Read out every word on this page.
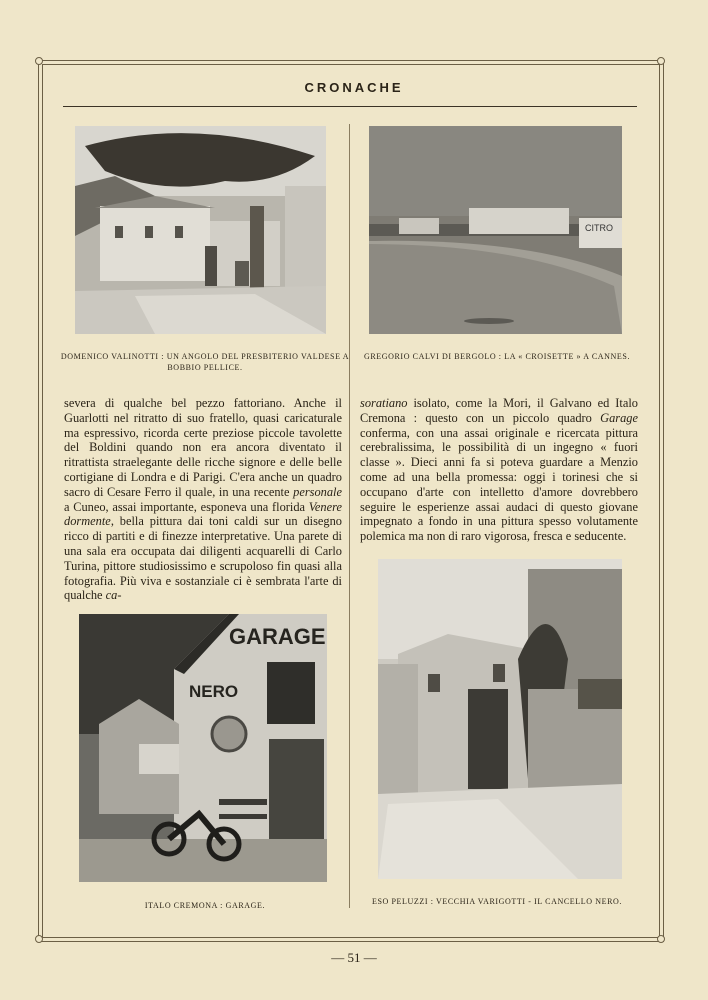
CRONACHE
DOMENICO VALINOTTI : UN ANGOLO DEL PRESBITERIO VALDESE A BOBBIO PELLICE.
CITRO
GREGORIO CALVI DI BERGOLO : LA « CROISETTE » A CANNES.

severa di qualche bel pezzo fattoriano. Anche il Guarlotti nel ritratto di suo fratello, quasi caricaturale ma espressivo, ricorda certe preziose piccole tavolette del Boldini quando non era ancora diventato il ritrattista straelegante delle ricche signore e delle belle cortigiane di Londra e di Parigi. C'era anche un quadro sacro di Cesare Ferro il quale, in una recente personale a Cuneo, assai importante, esponeva una florida Venere dormente, bella pittura dai toni caldi sur un disegno ricco di partiti e di finezze interpretative. Una parete di una sala era occupata dai diligenti acquarelli di Carlo Turina, pittore studiosissimo e scrupoloso fin quasi alla fotografia. Più viva e sostanziale ci è sembrata l'arte di qualche ca-

soratiano isolato, come la Mori, il Galvano ed Italo Cremona : questo con un piccolo quadro Garage conferma, con una assai originale e ricercata pittura cerebralissima, le possibilità di un ingegno « fuori classe ». Dieci anni fa si poteva guardare a Menzio come ad una bella promessa: oggi i torinesi che si occupano d'arte con intelletto d'amore dovrebbero seguire le esperienze assai audaci di questo giovane impegnato a fondo in una pittura spesso volutamente polemica ma non di raro vigorosa, fresca e seducente.

GARAGE
NERO
ITALO CREMONA : GARAGE.	ESO PELUZZI : VECCHIA VARIGOTTI - IL CANCELLO NERO.
— 51 —
